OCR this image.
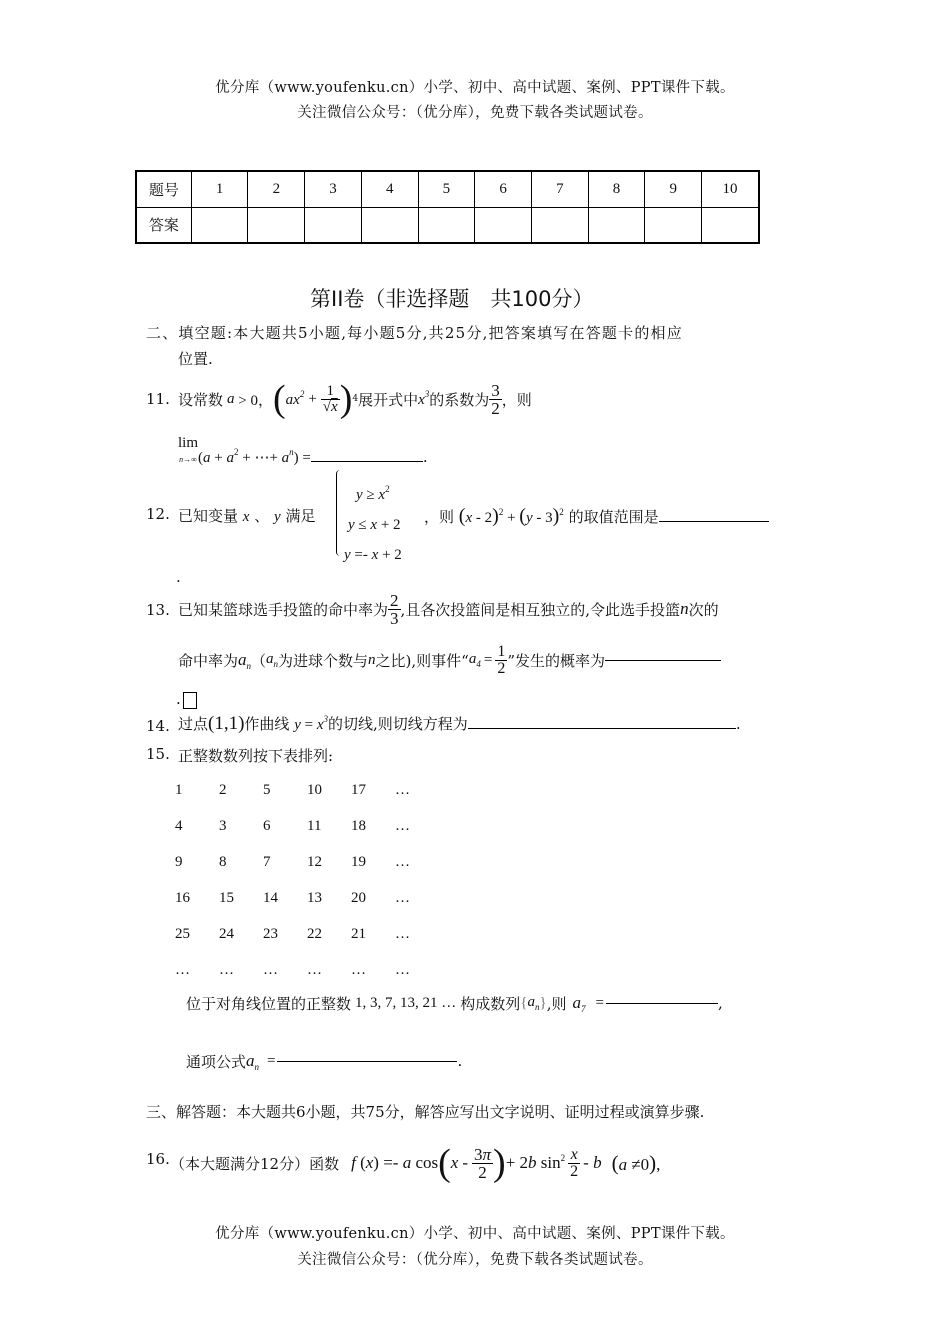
优分库（www.youfenku.cn）小学、初中、高中试题、案例、PPT课件下载。
关注微信公众号：（优分库），免费下载各类试题试卷。
题号	1	2	3	4	5	6	7	8	9	10
答案										
第II卷（非选择题　共100分）
二、填空题:本大题共5小题,每小题5分,共25分,把答案填写在答题卡的相应
位置.
11. 设常数 a > 0， ( $ax^2 + \frac{1}{√x}$ ) 4 展开式中 $x^3$ 的系数为 $\frac{3}{2}$ ，则
lim
$n\to\infty(a + a^2$ + ⋯+ $a^n$) =	.
12. 已知变量 x 、 y 满足
$y \ge x^2$
y ≤ x + 2
y =- x + 2
，则 (x - 2)$^2$ + (y - 3)$^2$ 的取值范围是
.
13. 已知某篮球选手投篮的命中率为 $\frac{2}{3}$ ,且各次投篮间是相互独立的,令此选手投篮 n 次的
命中率为 $a_n$ （ $a_n$ 为进球个数与 n 之比),则事件“ $a_4 = \frac{1}{2}$ ”发生的概率为
.
14. 过点(1,1)作曲线 $y = x^3$的切线,则切线方程为	.
15. 正整数数列按下表排列:
1	2	5	10	17	…
4	3	6	11	18	…
9	8	7	12	19	…
16	15	14	13	20	…
25	24	23	22	21	…
…	…	…	…	…	…
位于对角线位置的正整数 1, 3, 7, 13, 21 … 构成数列 { $a_n$ } ,则 $a_7$ =	,
通项公式 $a_n$ =	.
三、解答题：本大题共6小题，共75分，解答应写出文字说明、证明过程或演算步骤.
16. （本大题满分12分）函数 f (x) =- a cos ( x - $\frac{3\pi}{2}$ ) + 2b $\sin^2 \frac{x}{2}$ - b (a ≠0),
优分库（www.youfenku.cn）小学、初中、高中试题、案例、PPT课件下载。
关注微信公众号：（优分库），免费下载各类试题试卷。
